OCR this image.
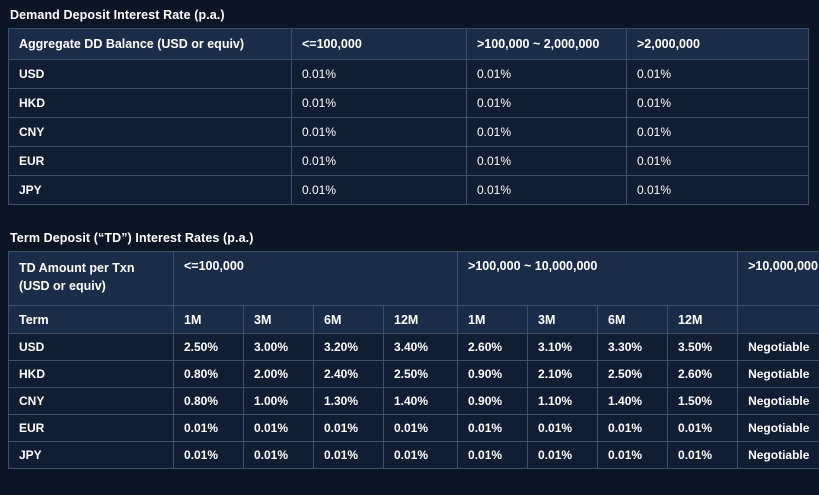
Demand Deposit Interest Rate (p.a.)
Aggregate DD Balance (USD or equiv)	<=100,000	>100,000 ~ 2,000,000	>2,000,000
USD	0.01%	0.01%	0.01%
HKD	0.01%	0.01%	0.01%
CNY	0.01%	0.01%	0.01%
EUR	0.01%	0.01%	0.01%
JPY	0.01%	0.01%	0.01%
Term Deposit (“TD”) Interest Rates (p.a.)
TD Amount per Txn
(USD or equiv)	<=100,000				>100,000 ~ 10,000,000				>10,000,000
Term	1M	3M	6M	12M	1M	3M	6M	12M	
USD	2.50%	3.00%	3.20%	3.40%	2.60%	3.10%	3.30%	3.50%	Negotiable
HKD	0.80%	2.00%	2.40%	2.50%	0.90%	2.10%	2.50%	2.60%	Negotiable
CNY	0.80%	1.00%	1.30%	1.40%	0.90%	1.10%	1.40%	1.50%	Negotiable
EUR	0.01%	0.01%	0.01%	0.01%	0.01%	0.01%	0.01%	0.01%	Negotiable
JPY	0.01%	0.01%	0.01%	0.01%	0.01%	0.01%	0.01%	0.01%	Negotiable
